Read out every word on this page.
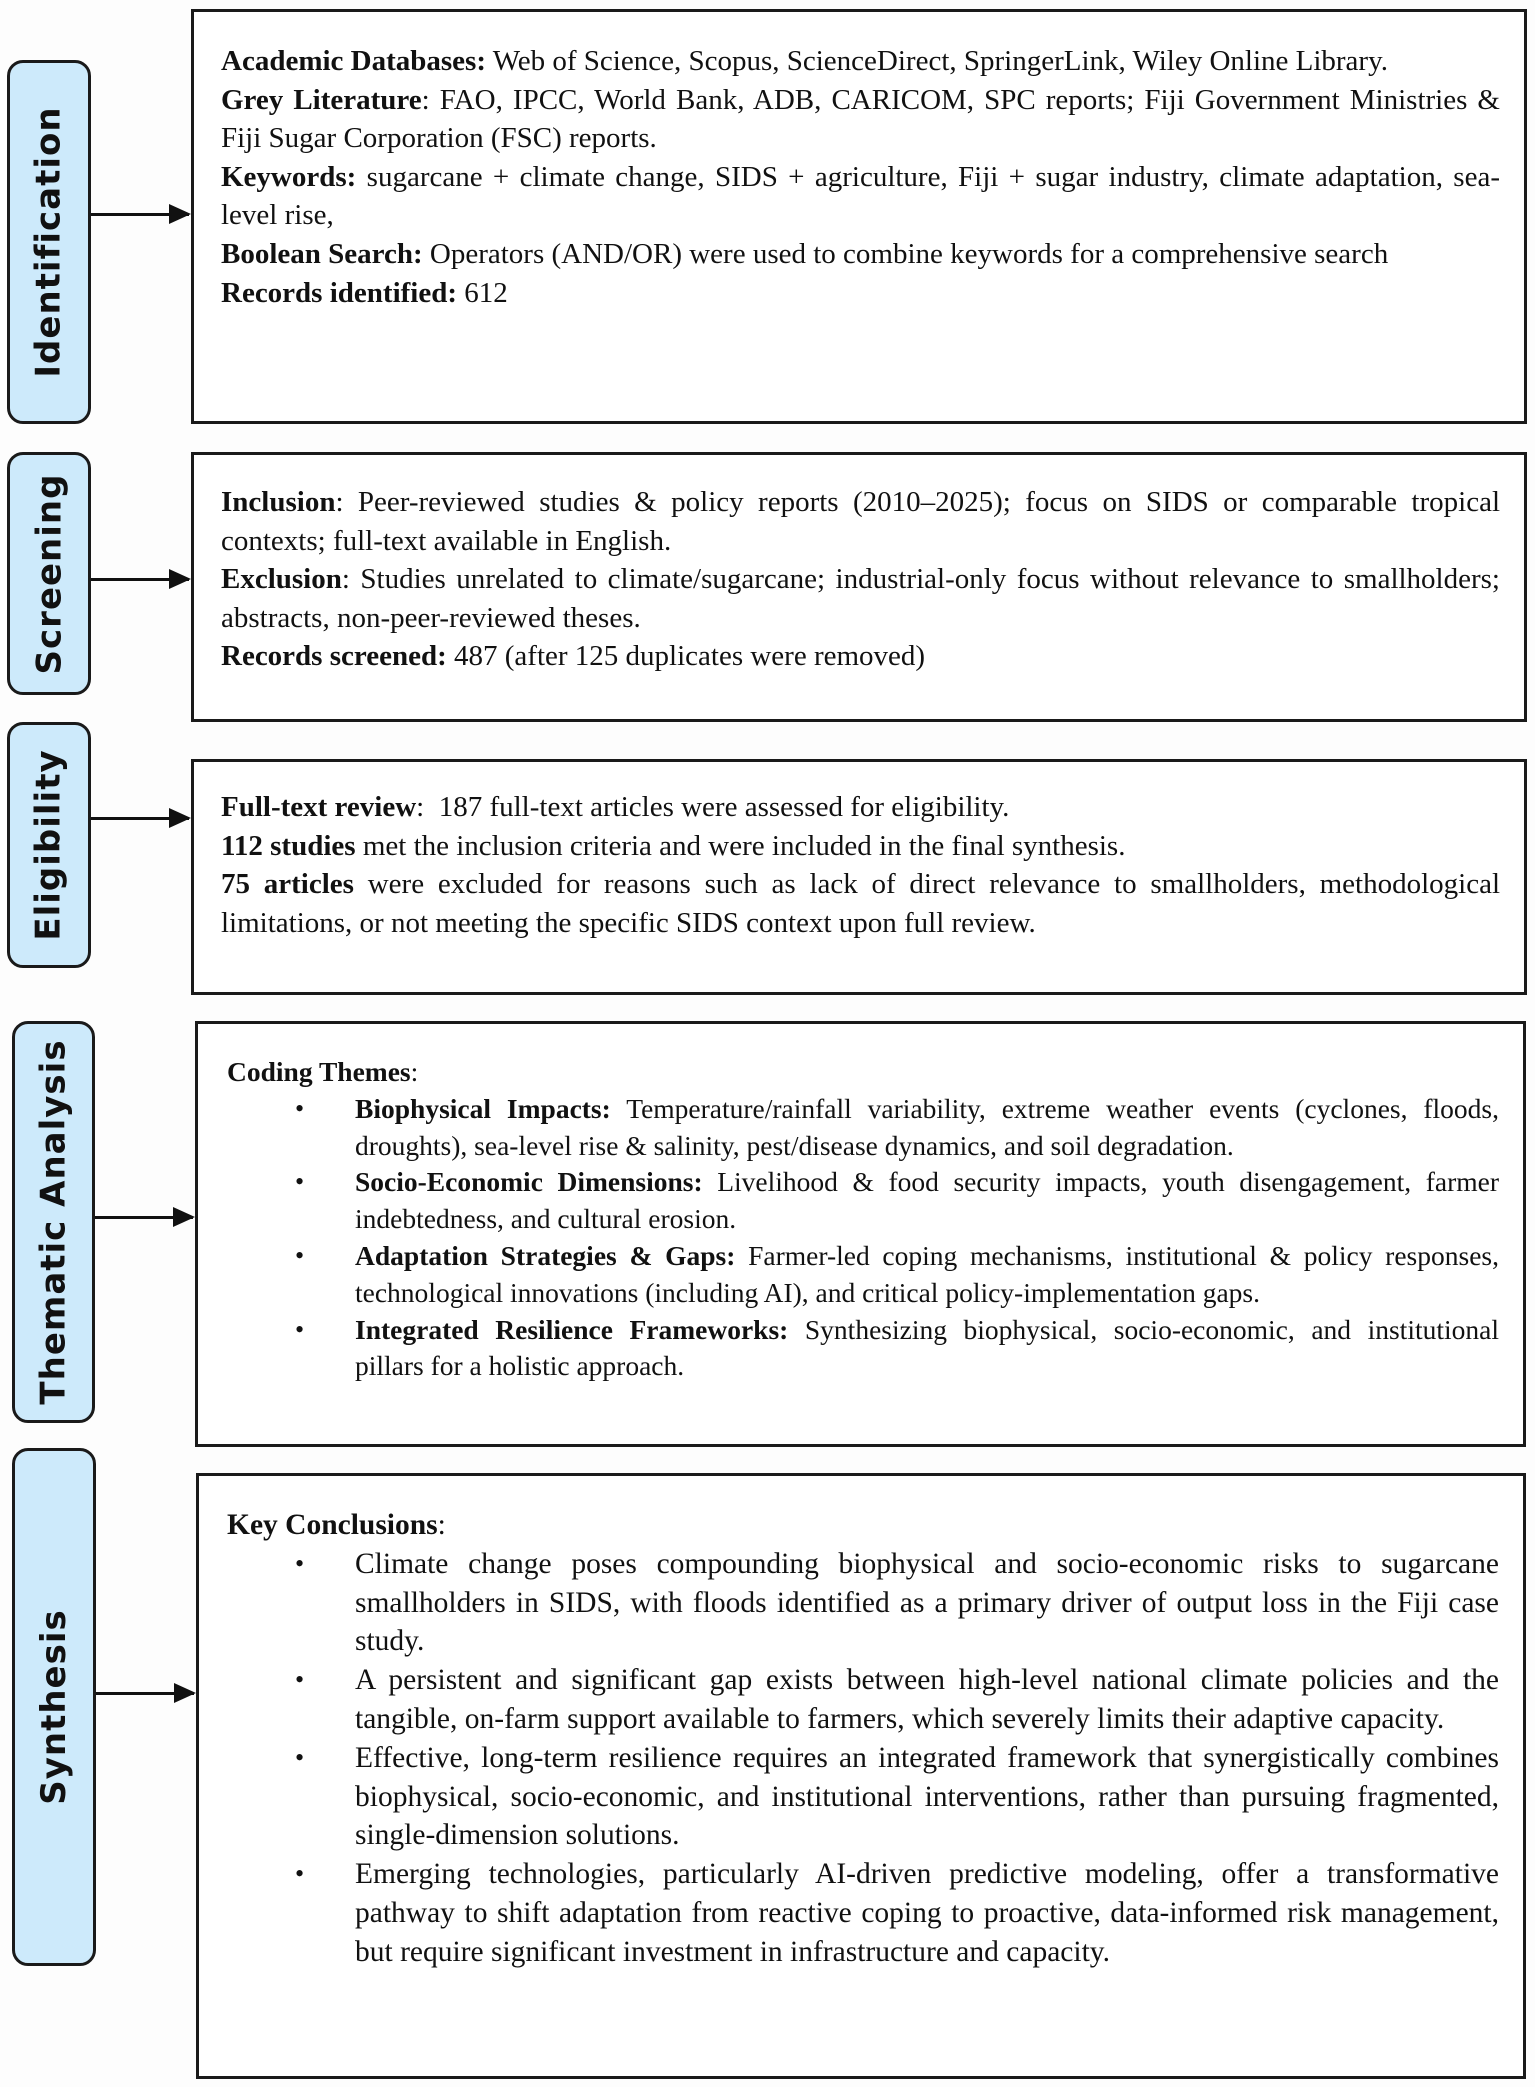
Identification

Academic Databases: Web of Science, Scopus, ScienceDirect, SpringerLink, Wiley Online Library.

Grey Literature: FAO, IPCC, World Bank, ADB, CARICOM, SPC reports; Fiji Government Ministries & Fiji Sugar Corporation (FSC) reports.

Keywords: sugarcane + climate change, SIDS + agriculture, Fiji + sugar industry, climate adaptation, sea-level rise,

Boolean Search: Operators (AND/OR) were used to combine keywords for a comprehensive search

Records identified: 612

Screening	Inclusion: Peer-reviewed studies & policy reports (2010–2025); focus on SIDS or comparable tropical contexts; full-text available in English.

Exclusion: Studies unrelated to climate/sugarcane; industrial-only focus without relevance to smallholders; abstracts, non-peer-reviewed theses.

Records screened: 487 (after 125 duplicates were removed)

Eligibility	Full-text review:  187 full-text articles were assessed for eligibility.

112 studies met the inclusion criteria and were included in the final synthesis.

75 articles were excluded for reasons such as lack of direct relevance to smallholders, methodological limitations, or not meeting the specific SIDS context upon full review.

Thematic Analysis	Coding Themes:

• Biophysical Impacts: Temperature/rainfall variability, extreme weather events (cyclones, floods, droughts), sea-level rise & salinity, pest/disease dynamics, and soil degradation.
• Socio-Economic Dimensions: Livelihood & food security impacts, youth disengagement, farmer indebtedness, and cultural erosion.
• Adaptation Strategies & Gaps: Farmer-led coping mechanisms, institutional & policy responses, technological innovations (including AI), and critical policy-implementation gaps.
• Integrated Resilience Frameworks: Synthesizing biophysical, socio-economic, and institutional pillars for a holistic approach.
Synthesis

Key Conclusions:

• Climate change poses compounding biophysical and socio-economic risks to sugarcane smallholders in SIDS, with floods identified as a primary driver of output loss in the Fiji case study.
• A persistent and significant gap exists between high-level national climate policies and the tangible, on-farm support available to farmers, which severely limits their adaptive capacity.
• Effective, long-term resilience requires an integrated framework that synergistically combines biophysical, socio-economic, and institutional interventions, rather than pursuing fragmented, single-dimension solutions.
• Emerging technologies, particularly AI-driven predictive modeling, offer a transformative pathway to shift adaptation from reactive coping to proactive, data-informed risk management, but require significant investment in infrastructure and capacity.
